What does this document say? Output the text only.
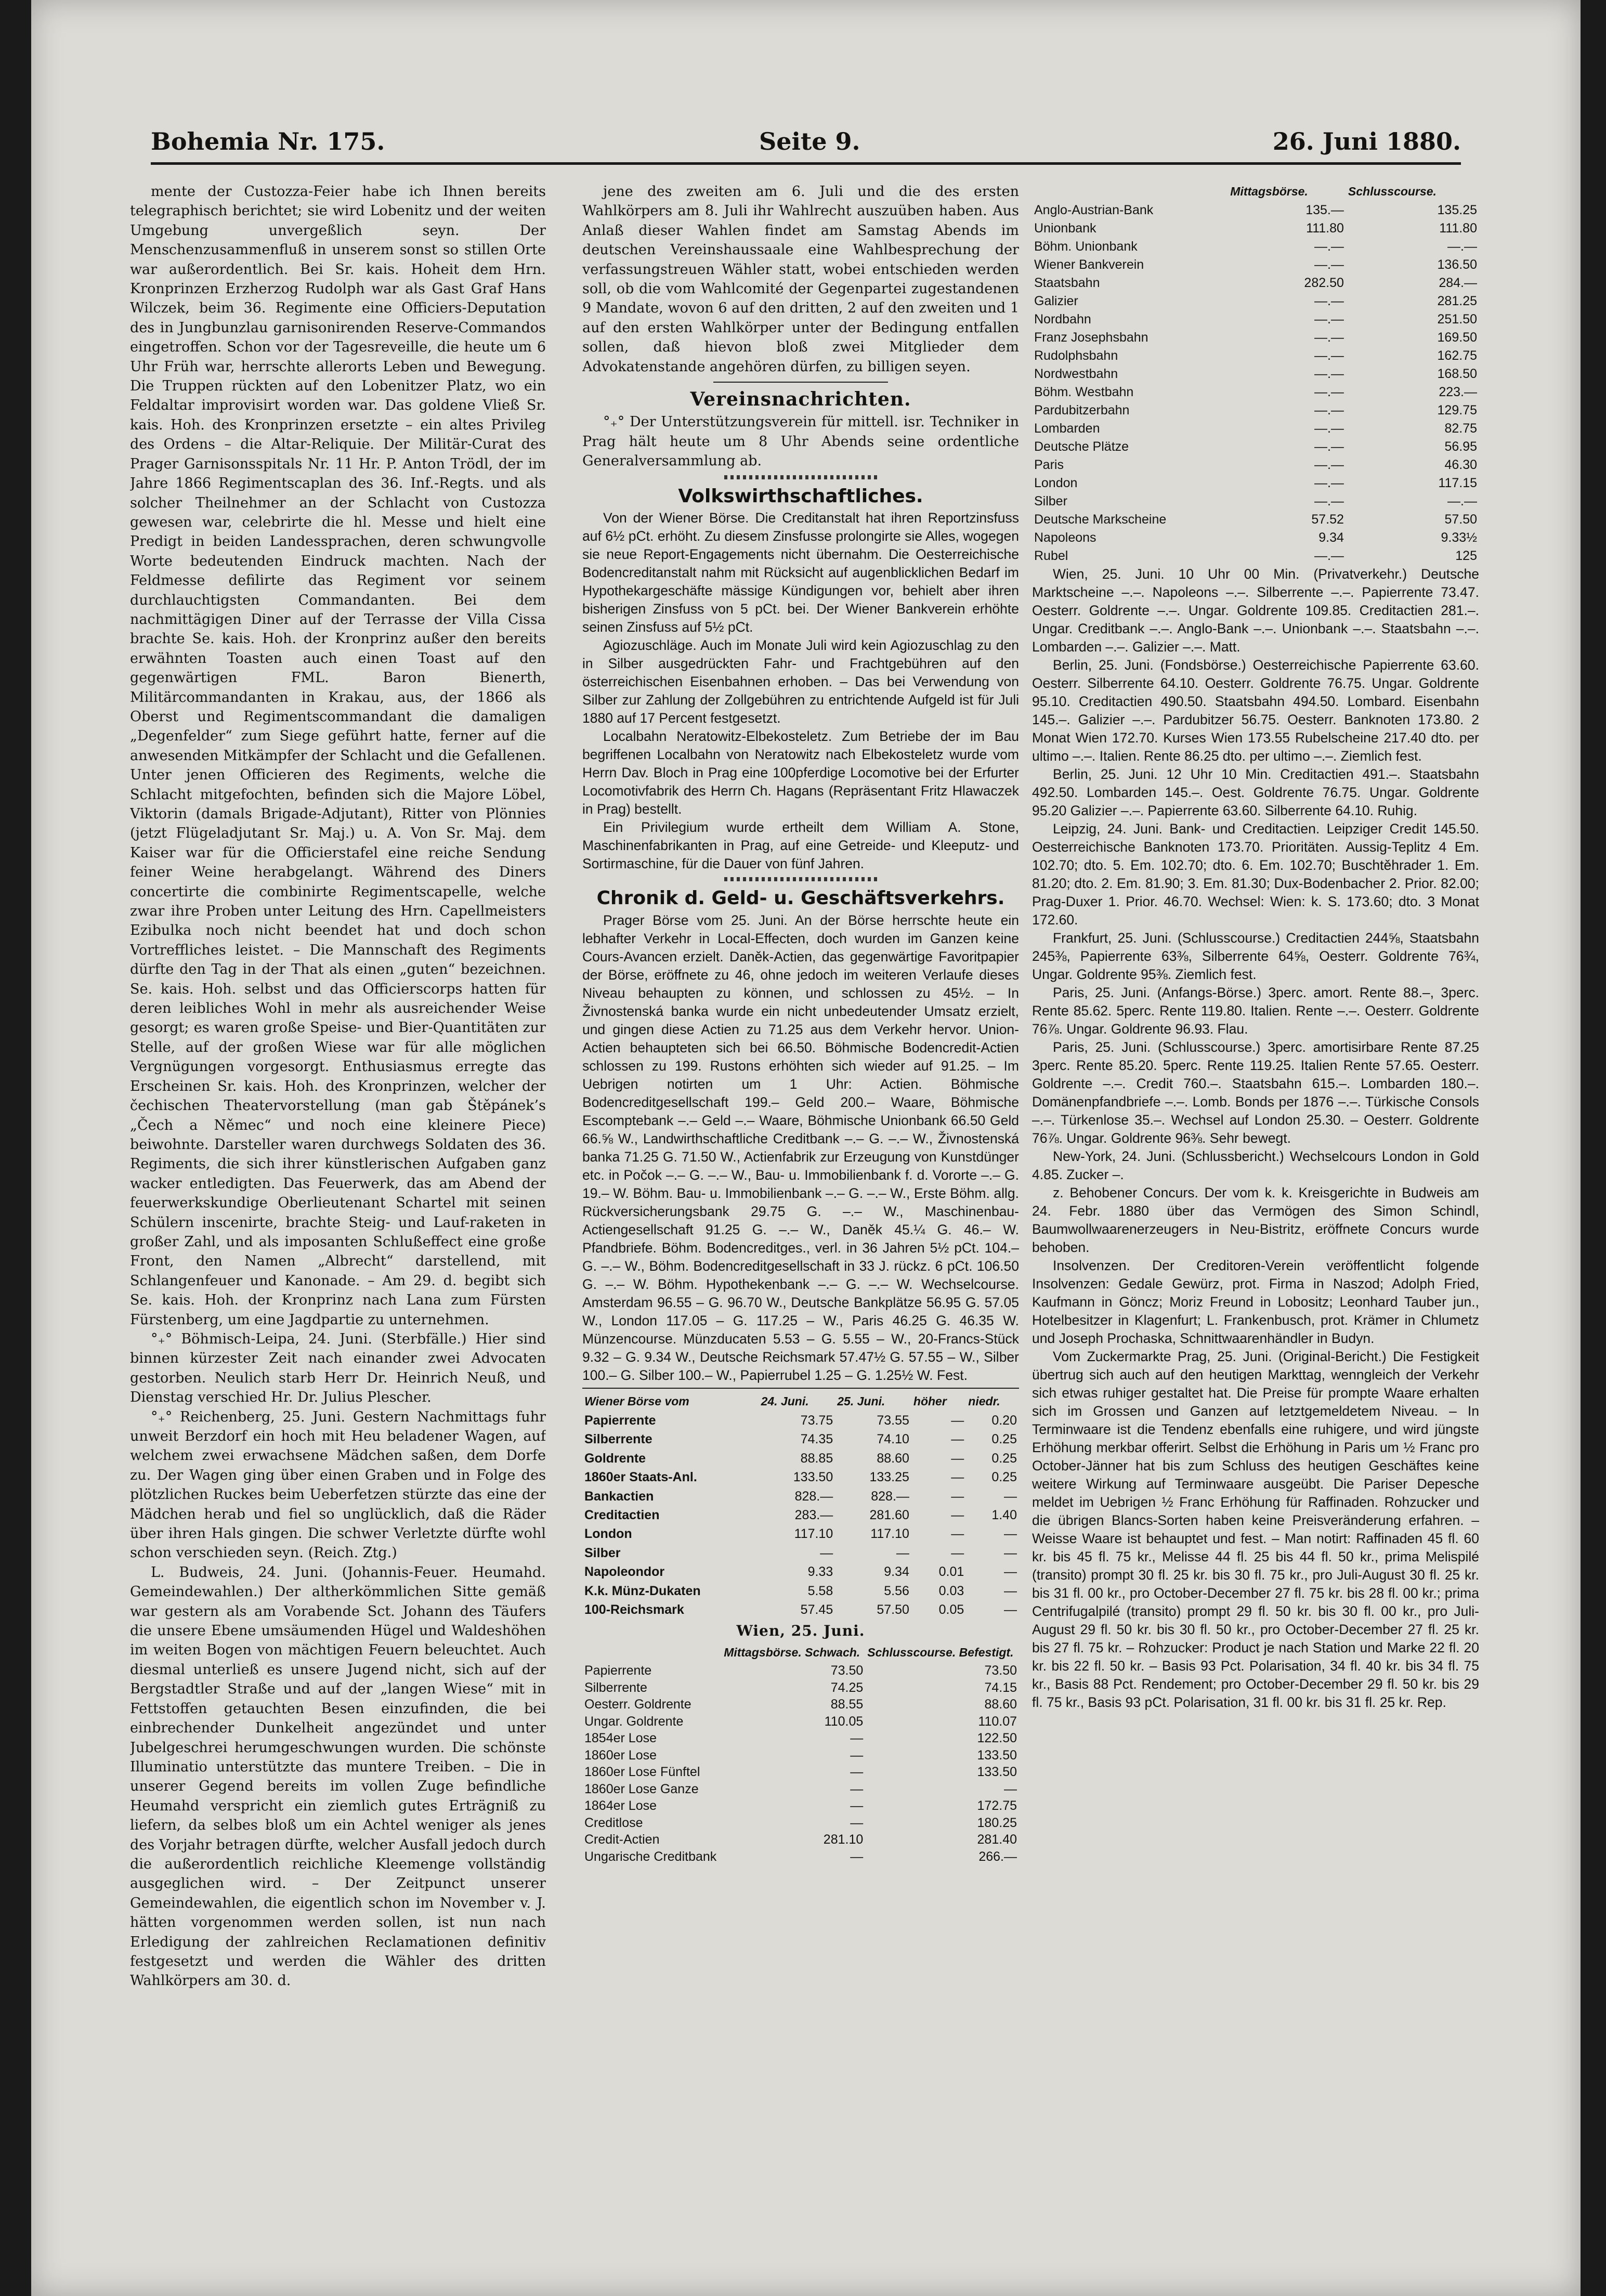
Bohemia Nr. 175.	Seite 9.	26. Juni 1880.

mente der Custozza-Feier habe ich Ihnen bereits telegraphisch berichtet; sie wird Lobenitz und der weiten Umgebung unvergeßlich seyn. Der Menschenzusammenfluß in unserem sonst so stillen Orte war außerordentlich. Bei Sr. kais. Hoheit dem Hrn. Kronprinzen Erzherzog Rudolph war als Gast Graf Hans Wilczek, beim 36. Regimente eine Officiers-Deputation des in Jungbunzlau garnisonirenden Reserve-Commandos eingetroffen. Schon vor der Tagesreveille, die heute um 6 Uhr Früh war, herrschte allerorts Leben und Bewegung. Die Truppen rückten auf den Lobenitzer Platz, wo ein Feldaltar improvisirt worden war. Das goldene Vließ Sr. kais. Hoh. des Kronprinzen ersetzte – ein altes Privileg des Ordens – die Altar-Reliquie. Der Militär-Curat des Prager Garnisonsspitals Nr. 11 Hr. P. Anton Trödl, der im Jahre 1866 Regimentscaplan des 36. Inf.-Regts. und als solcher Theilnehmer an der Schlacht von Custozza gewesen war, celebrirte die hl. Messe und hielt eine Predigt in beiden Landessprachen, deren schwungvolle Worte bedeutenden Eindruck machten. Nach der Feldmesse defilirte das Regiment vor seinem durchlauchtigsten Commandanten. Bei dem nachmittägigen Diner auf der Terrasse der Villa Cissa brachte Se. kais. Hoh. der Kronprinz außer den bereits erwähnten Toasten auch einen Toast auf den gegenwärtigen FML. Baron Bienerth, Militärcommandanten in Krakau, aus, der 1866 als Oberst und Regimentscommandant die damaligen „Degenfelder“ zum Siege geführt hatte, ferner auf die anwesenden Mitkämpfer der Schlacht und die Gefallenen. Unter jenen Officieren des Regiments, welche die Schlacht mitgefochten, befinden sich die Majore Löbel, Viktorin (damals Brigade-Adjutant), Ritter von Plönnies (jetzt Flügeladjutant Sr. Maj.) u. A. Von Sr. Maj. dem Kaiser war für die Officierstafel eine reiche Sendung feiner Weine herabgelangt. Während des Diners concertirte die combinirte Regimentscapelle, welche zwar ihre Proben unter Leitung des Hrn. Capellmeisters Ezibulka noch nicht beendet hat und doch schon Vortreffliches leistet. – Die Mannschaft des Regiments dürfte den Tag in der That als einen „guten“ bezeichnen. Se. kais. Hoh. selbst und das Officierscorps hatten für deren leibliches Wohl in mehr als ausreichender Weise gesorgt; es waren große Speise- und Bier-Quantitäten zur Stelle, auf der großen Wiese war für alle möglichen Vergnügungen vorgesorgt. Enthusiasmus erregte das Erscheinen Sr. kais. Hoh. des Kronprinzen, welcher der čechischen Theatervorstellung (man gab Štěpánek’s „Čech a Němec“ und noch eine kleinere Piece) beiwohnte. Darsteller waren durchwegs Soldaten des 36. Regiments, die sich ihrer künstlerischen Aufgaben ganz wacker entledigten. Das Feuerwerk, das am Abend der feuerwerkskundige Oberlieutenant Schartel mit seinen Schülern inscenirte, brachte Steig- und Lauf-raketen in großer Zahl, und als imposanten Schlußeffect eine große Front, den Namen „Albrecht“ darstellend, mit Schlangenfeuer und Kanonade. – Am 29. d. begibt sich Se. kais. Hoh. der Kronprinz nach Lana zum Fürsten Fürstenberg, um eine Jagdpartie zu unternehmen.

°₊° Böhmisch-Leipa, 24. Juni. (Sterbfälle.) Hier sind binnen kürzester Zeit nach einander zwei Advocaten gestorben. Neulich starb Herr Dr. Heinrich Neuß, und Dienstag verschied Hr. Dr. Julius Plescher.

°₊° Reichenberg, 25. Juni. Gestern Nachmittags fuhr unweit Berzdorf ein hoch mit Heu beladener Wagen, auf welchem zwei erwachsene Mädchen saßen, dem Dorfe zu. Der Wagen ging über einen Graben und in Folge des plötzlichen Ruckes beim Ueberfetzen stürzte das eine der Mädchen herab und fiel so unglücklich, daß die Räder über ihren Hals gingen. Die schwer Verletzte dürfte wohl schon verschieden seyn. (Reich. Ztg.)

L. Budweis, 24. Juni. (Johannis-Feuer. Heumahd. Gemeindewahlen.) Der altherkömmlichen Sitte gemäß war gestern als am Vorabende Sct. Johann des Täufers die unsere Ebene umsäumenden Hügel und Waldeshöhen im weiten Bogen von mächtigen Feuern beleuchtet. Auch diesmal unterließ es unsere Jugend nicht, sich auf der Bergstadtler Straße und auf der „langen Wiese“ mit in Fettstoffen getauchten Besen einzufinden, die bei einbrechender Dunkelheit angezündet und unter Jubelgeschrei herumgeschwungen wurden. Die schönste Illuminatio unterstützte das muntere Treiben. – Die in unserer Gegend bereits im vollen Zuge befindliche Heumahd verspricht ein ziemlich gutes Erträgniß zu liefern, da selbes bloß um ein Achtel weniger als jenes des Vorjahr betragen dürfte, welcher Ausfall jedoch durch die außerordentlich reichliche Kleemenge vollständig ausgeglichen wird. – Der Zeitpunct unserer Gemeindewahlen, die eigentlich schon im November v. J. hätten vorgenommen werden sollen, ist nun nach Erledigung der zahlreichen Reclamationen definitiv festgesetzt und werden die Wähler des dritten Wahlkörpers am 30. d.

jene des zweiten am 6. Juli und die des ersten Wahlkörpers am 8. Juli ihr Wahlrecht auszuüben haben. Aus Anlaß dieser Wahlen findet am Samstag Abends im deutschen Vereinshaussaale eine Wahlbesprechung der verfassungstreuen Wähler statt, wobei entschieden werden soll, ob die vom Wahlcomité der Gegenpartei zugestandenen 9 Mandate, wovon 6 auf den dritten, 2 auf den zweiten und 1 auf den ersten Wahlkörper unter der Bedingung entfallen sollen, daß hievon bloß zwei Mitglieder dem Advokatenstande angehören dürfen, zu billigen seyen.

Vereinsnachrichten.

°₊° Der Unterstützungsverein für mittell. isr. Techniker in Prag hält heute um 8 Uhr Abends seine ordentliche Generalversammlung ab.

Volkswirthschaftliches.

Von der Wiener Börse. Die Creditanstalt hat ihren Reportzinsfuss auf 6½ pCt. erhöht. Zu diesem Zinsfusse prolongirte sie Alles, wogegen sie neue Report-Engagements nicht übernahm. Die Oesterreichische Bodencreditanstalt nahm mit Rücksicht auf augenblicklichen Bedarf im Hypothekargeschäfte mässige Kündigungen vor, behielt aber ihren bisherigen Zinsfuss von 5 pCt. bei. Der Wiener Bankverein erhöhte seinen Zinsfuss auf 5½ pCt.

Agiozuschläge. Auch im Monate Juli wird kein Agiozuschlag zu den in Silber ausgedrückten Fahr- und Frachtgebühren auf den österreichischen Eisenbahnen erhoben. – Das bei Verwendung von Silber zur Zahlung der Zollgebühren zu entrichtende Aufgeld ist für Juli 1880 auf 17 Percent festgesetzt.

Localbahn Neratowitz-Elbekosteletz. Zum Betriebe der im Bau begriffenen Localbahn von Neratowitz nach Elbekosteletz wurde vom Herrn Dav. Bloch in Prag eine 100pferdige Locomotive bei der Erfurter Locomotivfabrik des Herrn Ch. Hagans (Repräsentant Fritz Hlawaczek in Prag) bestellt.

Ein Privilegium wurde ertheilt dem William A. Stone, Maschinenfabrikanten in Prag, auf eine Getreide- und Kleeputz- und Sortirmaschine, für die Dauer von fünf Jahren.

Chronik d. Geld- u. Geschäftsverkehrs.

Prager Börse vom 25. Juni. An der Börse herrschte heute ein lebhafter Verkehr in Local-Effecten, doch wurden im Ganzen keine Cours-Avancen erzielt. Daněk-Actien, das gegenwärtige Favoritpapier der Börse, eröffnete zu 46, ohne jedoch im weiteren Verlaufe dieses Niveau behaupten zu können, und schlossen zu 45½. – In Živnostenská banka wurde ein nicht unbedeutender Umsatz erzielt, und gingen diese Actien zu 71.25 aus dem Verkehr hervor. Union-Actien behaupteten sich bei 66.50. Böhmische Bodencredit-Actien schlossen zu 199. Rustons erhöhten sich wieder auf 91.25. – Im Uebrigen notirten um 1 Uhr: Actien. Böhmische Bodencreditgesellschaft 199.– Geld 200.– Waare, Böhmische Escomptebank –.– Geld –.– Waare, Böhmische Unionbank 66.50 Geld 66.⅝ W., Landwirthschaftliche Creditbank –.– G. –.– W., Živnostenská banka 71.25 G. 71.50 W., Actienfabrik zur Erzeugung von Kunstdünger etc. in Počok –.– G. –.– W., Bau- u. Immobilienbank f. d. Vororte –.– G. 19.– W. Böhm. Bau- u. Immobilienbank –.– G. –.– W., Erste Böhm. allg. Rückversicherungsbank 29.75 G. –.– W., Maschinenbau-Actiengesellschaft 91.25 G. –.– W., Daněk 45.¼ G. 46.– W. Pfandbriefe. Böhm. Bodencreditges., verl. in 36 Jahren 5½ pCt. 104.– G. –.– W., Böhm. Bodencreditgesellschaft in 33 J. rückz. 6 pCt. 106.50 G. –.– W. Böhm. Hypothekenbank –.– G. –.– W. Wechselcourse. Amsterdam 96.55 – G. 96.70 W., Deutsche Bankplätze 56.95 G. 57.05 W., London 117.05 – G. 117.25 – W., Paris 46.25 G. 46.35 W. Münzencourse. Münzducaten 5.53 – G. 5.55 – W., 20-Francs-Stück 9.32 – G. 9.34 W., Deutsche Reichsmark 57.47½ G. 57.55 – W., Silber 100.– G. Silber 100.– W., Papierrubel 1.25 – G. 1.25½ W. Fest.

Wiener Börse vom	24. Juni.	25. Juni.	höher	niedr.
Papierrente	73.75	73.55	—	0.20
Silberrente	74.35	74.10	—	0.25
Goldrente	88.85	88.60	—	0.25
1860er Staats-Anl.	133.50	133.25	—	0.25
Bankactien	828.—	828.—	—	—
Creditactien	283.—	281.60	—	1.40
London	117.10	117.10	—	—
Silber	—	—	—	—
Napoleondor	9.33	9.34	0.01	—
K.k. Münz-Dukaten	5.58	5.56	0.03	—
100-Reichsmark	57.45	57.50	0.05	—
Wien, 25. Juni.
	Mittagsbörse. Schwach.	Schlusscourse. Befestigt.
Papierrente	73.50	73.50
Silberrente	74.25	74.15
Oesterr. Goldrente	88.55	88.60
Ungar. Goldrente	110.05	110.07
1854er Lose	—	122.50
1860er Lose	—	133.50
1860er Lose Fünftel	—	133.50
1860er Lose Ganze	—	—
1864er Lose	—	172.75
Creditlose	—	180.25
Credit-Actien	281.10	281.40
Ungarische Creditbank	—	266.—
	Mittagsbörse.	Schlusscourse.
Anglo-Austrian-Bank	135.—	135.25
Unionbank	111.80	111.80
Böhm. Unionbank	—.—	—.—
Wiener Bankverein	—.—	136.50
Staatsbahn	282.50	284.—
Galizier	—.—	281.25
Nordbahn	—.—	251.50
Franz Josephsbahn	—.—	169.50
Rudolphsbahn	—.—	162.75
Nordwestbahn	—.—	168.50
Böhm. Westbahn	—.—	223.—
Pardubitzerbahn	—.—	129.75
Lombarden	—.—	82.75
Deutsche Plätze	—.—	56.95
Paris	—.—	46.30
London	—.—	117.15
Silber	—.—	—.—
Deutsche Markscheine	57.52	57.50
Napoleons	9.34	9.33½
Rubel	—.—	125

Wien, 25. Juni. 10 Uhr 00 Min. (Privatverkehr.) Deutsche Marktscheine –.–. Napoleons –.–. Silberrente –.–. Papierrente 73.47. Oesterr. Goldrente –.–. Ungar. Goldrente 109.85. Creditactien 281.–. Ungar. Creditbank –.–. Anglo-Bank –.–. Unionbank –.–. Staatsbahn –.–. Lombarden –.–. Galizier –.–. Matt.

Berlin, 25. Juni. (Fondsbörse.) Oesterreichische Papierrente 63.60. Oesterr. Silberrente 64.10. Oesterr. Goldrente 76.75. Ungar. Goldrente 95.10. Creditactien 490.50. Staatsbahn 494.50. Lombard. Eisenbahn 145.–. Galizier –.–. Pardubitzer 56.75. Oesterr. Banknoten 173.80. 2 Monat Wien 172.70. Kurses Wien 173.55 Rubelscheine 217.40 dto. per ultimo –.–. Italien. Rente 86.25 dto. per ultimo –.–. Ziemlich fest.

Berlin, 25. Juni. 12 Uhr 10 Min. Creditactien 491.–. Staatsbahn 492.50. Lombarden 145.–. Oest. Goldrente 76.75. Ungar. Goldrente 95.20 Galizier –.–. Papierrente 63.60. Silberrente 64.10. Ruhig.

Leipzig, 24. Juni. Bank- und Creditactien. Leipziger Credit 145.50. Oesterreichische Banknoten 173.70. Prioritäten. Aussig-Teplitz 4 Em. 102.70; dto. 5. Em. 102.70; dto. 6. Em. 102.70; Buschtěhrader 1. Em. 81.20; dto. 2. Em. 81.90; 3. Em. 81.30; Dux-Bodenbacher 2. Prior. 82.00; Prag-Duxer 1. Prior. 46.70. Wechsel: Wien: k. S. 173.60; dto. 3 Monat 172.60.

Frankfurt, 25. Juni. (Schlusscourse.) Creditactien 244⅝, Staatsbahn 245⅜, Papierrente 63⅜, Silberrente 64⅝, Oesterr. Goldrente 76¾, Ungar. Goldrente 95⅜. Ziemlich fest.

Paris, 25. Juni. (Anfangs-Börse.) 3perc. amort. Rente 88.–, 3perc. Rente 85.62. 5perc. Rente 119.80. Italien. Rente –.–. Oesterr. Goldrente 76⅞. Ungar. Goldrente 96.93. Flau.

Paris, 25. Juni. (Schlusscourse.) 3perc. amortisirbare Rente 87.25 3perc. Rente 85.20. 5perc. Rente 119.25. Italien Rente 57.65. Oesterr. Goldrente –.–. Credit 760.–. Staatsbahn 615.–. Lombarden 180.–. Domänenpfandbriefe –.–. Lomb. Bonds per 1876 –.–. Türkische Consols –.–. Türkenlose 35.–. Wechsel auf London 25.30. – Oesterr. Goldrente 76⅞. Ungar. Goldrente 96⅜. Sehr bewegt.

New-York, 24. Juni. (Schlussbericht.) Wechselcours London in Gold 4.85. Zucker –.

z. Behobener Concurs. Der vom k. k. Kreisgerichte in Budweis am 24. Febr. 1880 über das Vermögen des Simon Schindl, Baumwollwaarenerzeugers in Neu-Bistritz, eröffnete Concurs wurde behoben.

Insolvenzen. Der Creditoren-Verein veröffentlicht folgende Insolvenzen: Gedale Gewürz, prot. Firma in Naszod; Adolph Fried, Kaufmann in Göncz; Moriz Freund in Lobositz; Leonhard Tauber jun., Hotelbesitzer in Klagenfurt; L. Frankenbusch, prot. Krämer in Chlumetz und Joseph Prochaska, Schnittwaarenhändler in Budyn.

Vom Zuckermarkte Prag, 25. Juni. (Original-Bericht.) Die Festigkeit übertrug sich auch auf den heutigen Markttag, wenngleich der Verkehr sich etwas ruhiger gestaltet hat. Die Preise für prompte Waare erhalten sich im Grossen und Ganzen auf letztgemeldetem Niveau. – In Terminwaare ist die Tendenz ebenfalls eine ruhigere, und wird jüngste Erhöhung merkbar offerirt. Selbst die Erhöhung in Paris um ½ Franc pro October-Jänner hat bis zum Schluss des heutigen Geschäftes keine weitere Wirkung auf Terminwaare ausgeübt. Die Pariser Depesche meldet im Uebrigen ½ Franc Erhöhung für Raffinaden. Rohzucker und die übrigen Blancs-Sorten haben keine Preisveränderung erfahren. – Weisse Waare ist behauptet und fest. – Man notirt: Raffinaden 45 fl. 60 kr. bis 45 fl. 75 kr., Melisse 44 fl. 25 bis 44 fl. 50 kr., prima Melispilé (transito) prompt 30 fl. 25 kr. bis 30 fl. 75 kr., pro Juli-August 30 fl. 25 kr. bis 31 fl. 00 kr., pro October-December 27 fl. 75 kr. bis 28 fl. 00 kr.; prima Centrifugalpilé (transito) prompt 29 fl. 50 kr. bis 30 fl. 00 kr., pro Juli-August 29 fl. 50 kr. bis 30 fl. 50 kr., pro October-December 27 fl. 25 kr. bis 27 fl. 75 kr. – Rohzucker: Product je nach Station und Marke 22 fl. 20 kr. bis 22 fl. 50 kr. – Basis 93 Pct. Polarisation, 34 fl. 40 kr. bis 34 fl. 75 kr., Basis 88 Pct. Rendement; pro October-December 29 fl. 50 kr. bis 29 fl. 75 kr., Basis 93 pCt. Polarisation, 31 fl. 00 kr. bis 31 fl. 25 kr. Rep.
